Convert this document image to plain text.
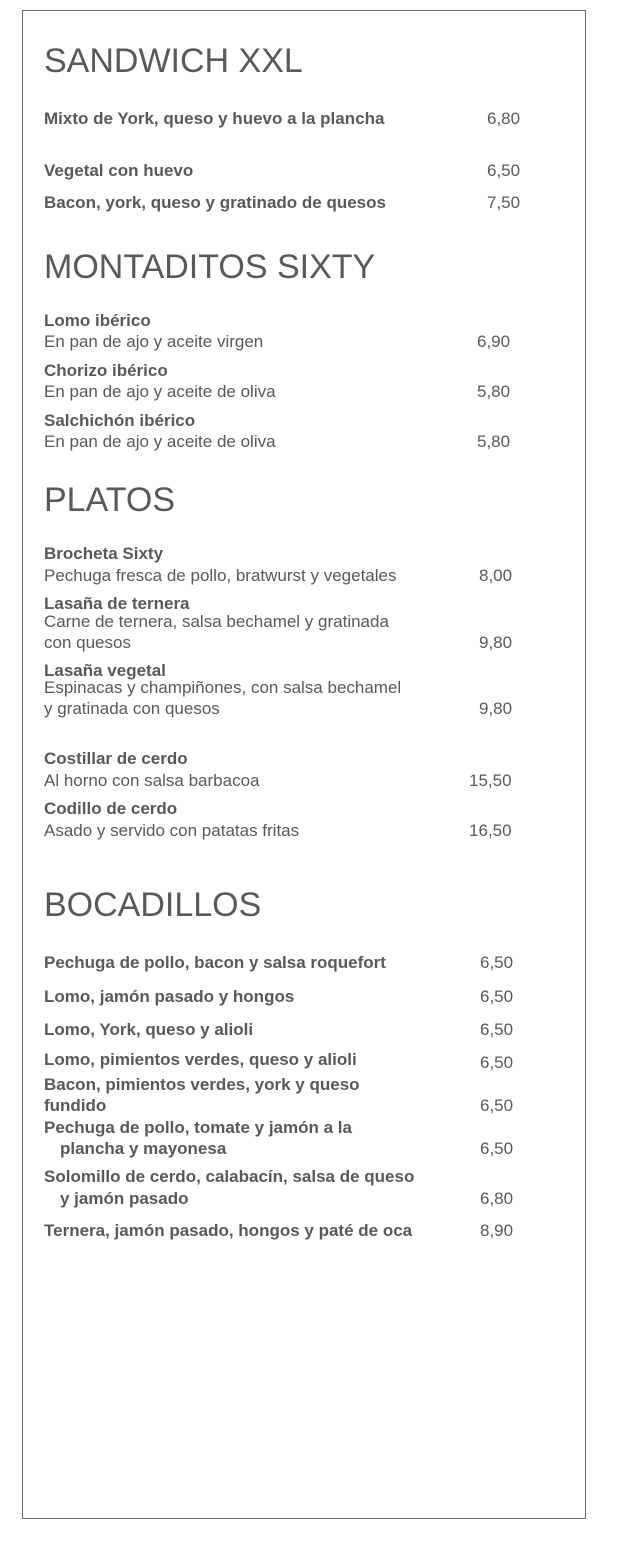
SANDWICH XXL
Mixto de York, queso y huevo a la plancha	6,80
Vegetal con huevo	6,50
Bacon, york, queso y gratinado de quesos	7,50
MONTADITOS SIXTY
Lomo ibérico
En pan de ajo y aceite virgen	6,90
Chorizo ibérico
En pan de ajo y aceite de oliva	5,80
Salchichón ibérico
En pan de ajo y aceite de oliva	5,80
PLATOS
Brocheta Sixty
Pechuga fresca de pollo, bratwurst y vegetales	8,00
Lasaña de ternera
Carne de ternera, salsa bechamel y gratinada
con quesos	9,80
Lasaña vegetal
Espinacas y champiñones, con salsa bechamel
y gratinada con quesos	9,80
Costillar de cerdo
Al horno con salsa barbacoa	15,50
Codillo de cerdo
Asado y servido con patatas fritas	16,50
BOCADILLOS
Pechuga de pollo, bacon y salsa roquefort	6,50
Lomo, jamón pasado y hongos	6,50
Lomo, York, queso y alioli	6,50
Lomo, pimientos verdes, queso y alioli	6,50
Bacon, pimientos verdes, york y queso
fundido	6,50
Pechuga de pollo, tomate y jamón a la
plancha y mayonesa	6,50
Solomillo de cerdo, calabacín, salsa de queso
y jamón pasado	6,80
Ternera, jamón pasado, hongos y paté de oca	8,90
